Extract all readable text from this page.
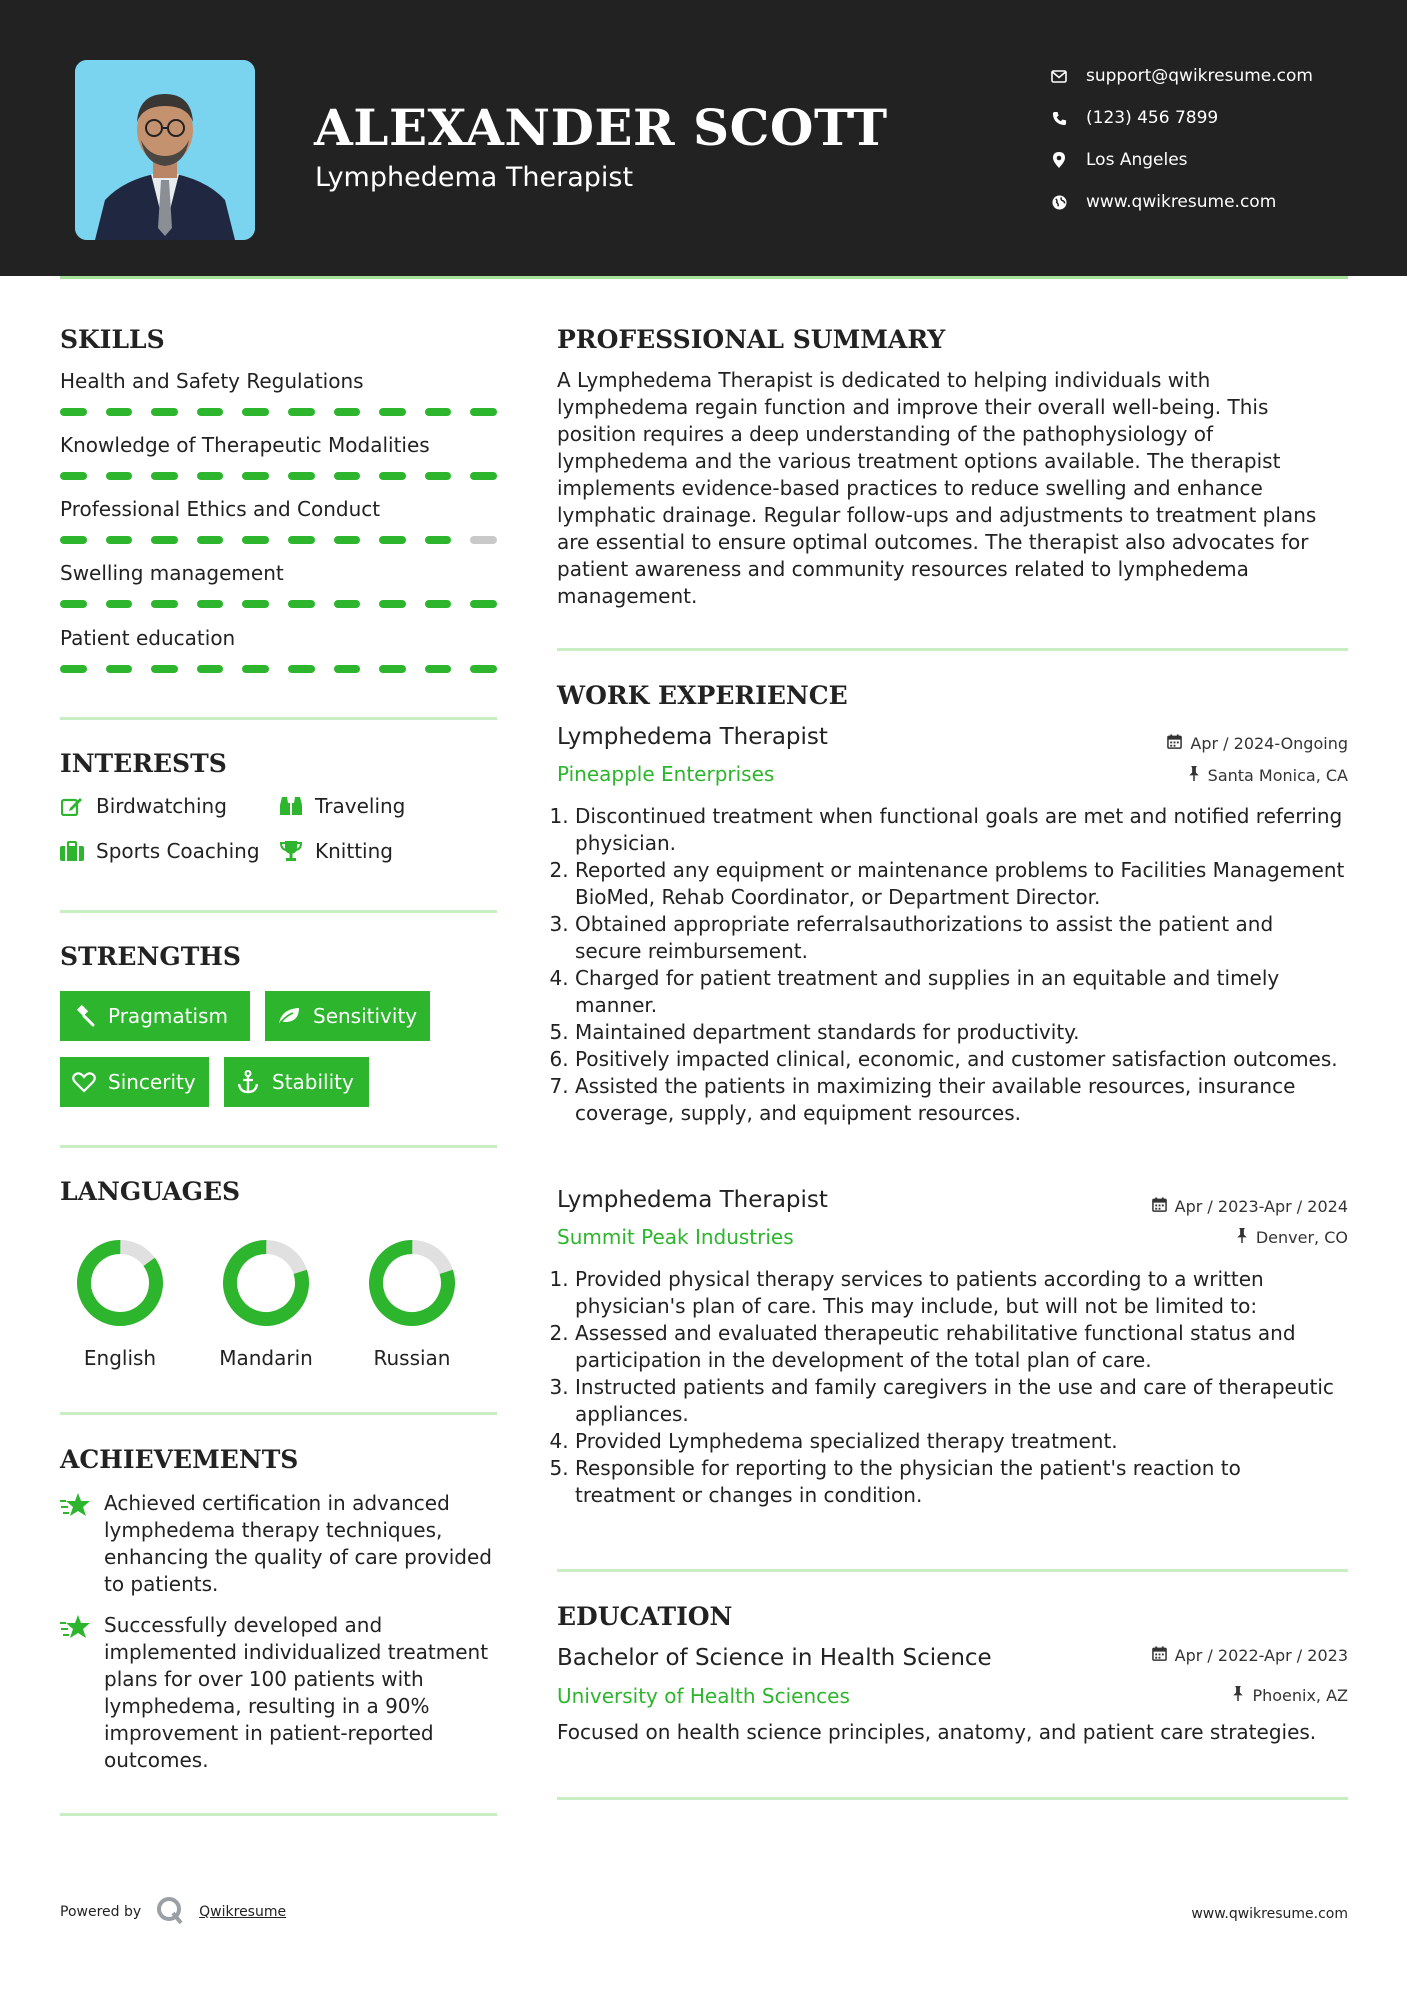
ALEXANDER SCOTT
Lymphedema Therapist
support@qwikresume.com
(123) 456 7899
Los Angeles
www.qwikresume.com
SKILLS
Health and Safety Regulations
Knowledge of Therapeutic Modalities
Professional Ethics and Conduct
Swelling management
Patient education
INTERESTS
Birdwatching	Traveling
Sports Coaching	Knitting
STRENGTHS
Pragmatism	Sensitivity
Sincerity	Stability
LANGUAGES
English	Mandarin	Russian
ACHIEVEMENTS
Achieved certification in advanced lymphedema therapy techniques, enhancing the quality of care provided to patients.
Successfully developed and implemented individualized treatment plans for over 100 patients with lymphedema, resulting in a 90% improvement in patient-reported outcomes.
PROFESSIONAL SUMMARY
A Lymphedema Therapist is dedicated to helping individuals with lymphedema regain function and improve their overall well-being. This position requires a deep understanding of the pathophysiology of lymphedema and the various treatment options available. The therapist implements evidence-based practices to reduce swelling and enhance lymphatic drainage. Regular follow-ups and adjustments to treatment plans are essential to ensure optimal outcomes. The therapist also advocates for patient awareness and community resources related to lymphedema management.
WORK EXPERIENCE
Lymphedema Therapist	Apr / 2024-Ongoing
Pineapple Enterprises	Santa Monica, CA
1. Discontinued treatment when functional goals are met and notified referring physician.
2. Reported any equipment or maintenance problems to Facilities Management BioMed, Rehab Coordinator, or Department Director.
3. Obtained appropriate referralsauthorizations to assist the patient and secure reimbursement.
4. Charged for patient treatment and supplies in an equitable and timely manner.
5. Maintained department standards for productivity.
6. Positively impacted clinical, economic, and customer satisfaction outcomes.
7. Assisted the patients in maximizing their available resources, insurance coverage, supply, and equipment resources.
Lymphedema Therapist	Apr / 2023-Apr / 2024
Summit Peak Industries	Denver, CO
1. Provided physical therapy services to patients according to a written physician's plan of care. This may include, but will not be limited to:
2. Assessed and evaluated therapeutic rehabilitative functional status and participation in the development of the total plan of care.
3. Instructed patients and family caregivers in the use and care of therapeutic appliances.
4. Provided Lymphedema specialized therapy treatment.
5. Responsible for reporting to the physician the patient's reaction to treatment or changes in condition.
EDUCATION
Bachelor of Science in Health Science	Apr / 2022-Apr / 2023
University of Health Sciences	Phoenix, AZ
Focused on health science principles, anatomy, and patient care strategies.
Powered by	Qwikresume	www.qwikresume.com
